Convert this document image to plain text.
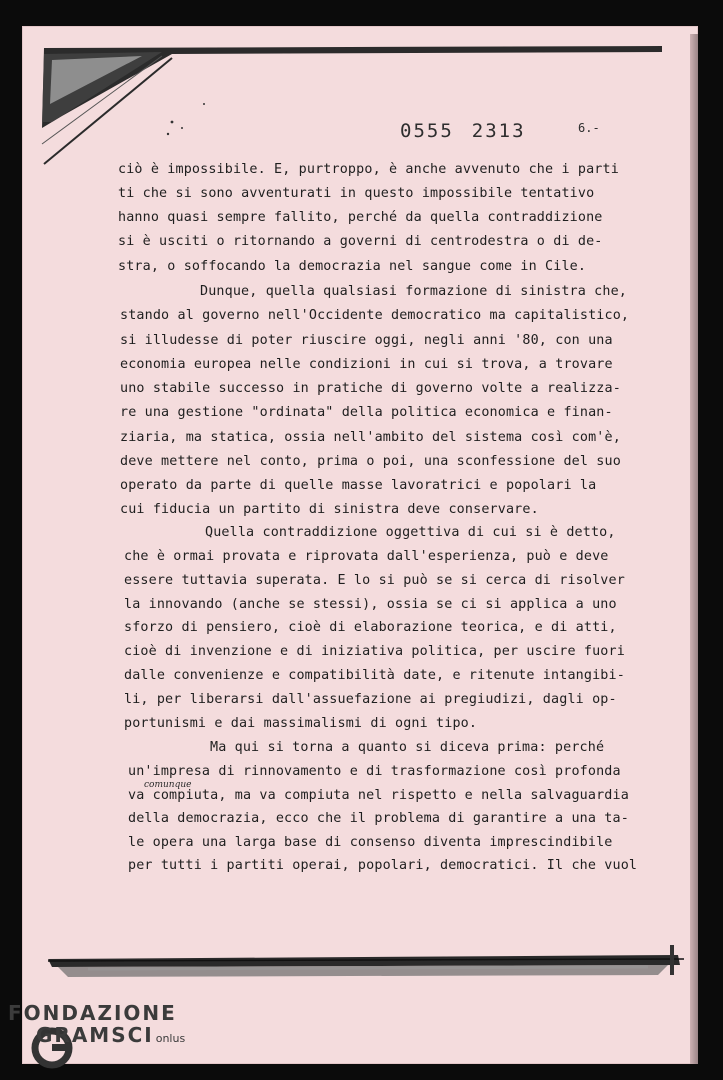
0555 2313	6.-
ciò è impossibile. E, purtroppo, è anche avvenuto che i parti
ti che si sono avventurati in questo impossibile tentativo
hanno quasi sempre fallito, perché da quella contraddizione
si è usciti o ritornando a governi di centrodestra o di de-
stra, o soffocando la democrazia nel sangue come in Cile.
Dunque, quella qualsiasi formazione di sinistra che,
stando al governo nell'Occidente democratico ma capitalistico,
si illudesse di poter riuscire oggi, negli anni '80, con una
economia europea nelle condizioni in cui si trova, a trovare
uno stabile successo in pratiche di governo volte a realizza-
re una gestione "ordinata" della politica economica e finan-
ziaria, ma statica, ossia nell'ambito del sistema così com'è,
deve mettere nel conto, prima o poi, una sconfessione del suo
operato da parte di quelle masse lavoratrici e popolari la
cui fiducia un partito di sinistra deve conservare.
Quella contraddizione oggettiva di cui si è detto,
che è ormai provata e riprovata dall'esperienza, può e deve
essere tuttavia superata. E lo si può se si cerca di risolver
la innovando (anche se stessi), ossia se ci si applica a uno
sforzo di pensiero, cioè di elaborazione teorica, e di atti,
cioè di invenzione e di iniziativa politica, per uscire fuori
dalle convenienze e compatibilità date, e ritenute intangibi-
li, per liberarsi dall'assuefazione ai pregiudizi, dagli op-
portunismi e dai massimalismi di ogni tipo.
Ma qui si torna a quanto si diceva prima: perché
un'impresa di rinnovamento e di trasformazione così profonda
va compiuta, ma va compiuta nel rispetto e nella salvaguardia
della democrazia, ecco che il problema di garantire a una ta-
le opera una larga base di consenso diventa imprescindibile
per tutti i partiti operai, popolari, democratici. Il che vuol
comunque
FONDAZIONE
GRAMSCI onlus
